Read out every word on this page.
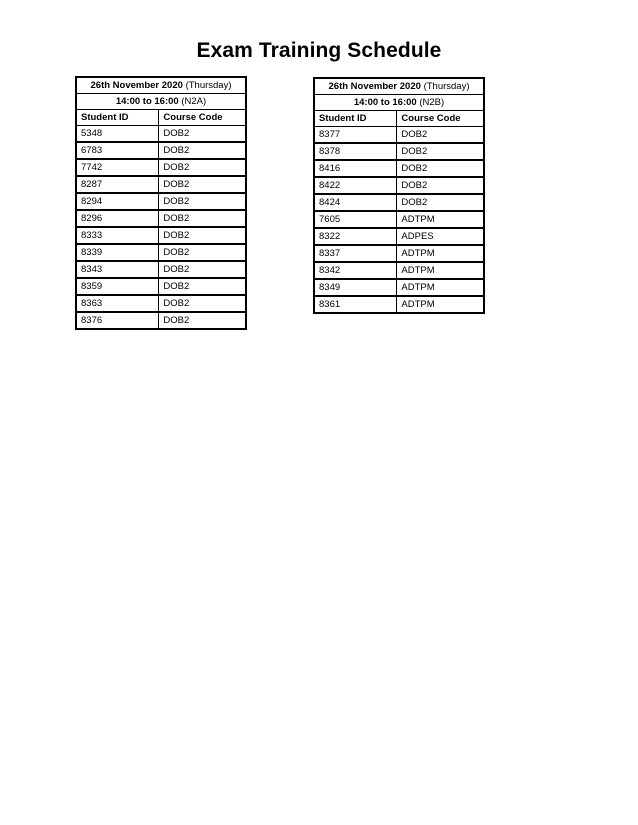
Exam Training Schedule
26th November 2020 (Thursday)	
14:00 to 16:00 (N2A)	
Student ID	Course Code
5348	DOB2
6783	DOB2
7742	DOB2
8287	DOB2
8294	DOB2
8296	DOB2
8333	DOB2
8339	DOB2
8343	DOB2
8359	DOB2
8363	DOB2
8376	DOB2
26th November 2020 (Thursday)	
14:00 to 16:00 (N2B)	
Student ID	Course Code
8377	DOB2
8378	DOB2
8416	DOB2
8422	DOB2
8424	DOB2
7605	ADTPM
8322	ADPES
8337	ADTPM
8342	ADTPM
8349	ADTPM
8361	ADTPM
